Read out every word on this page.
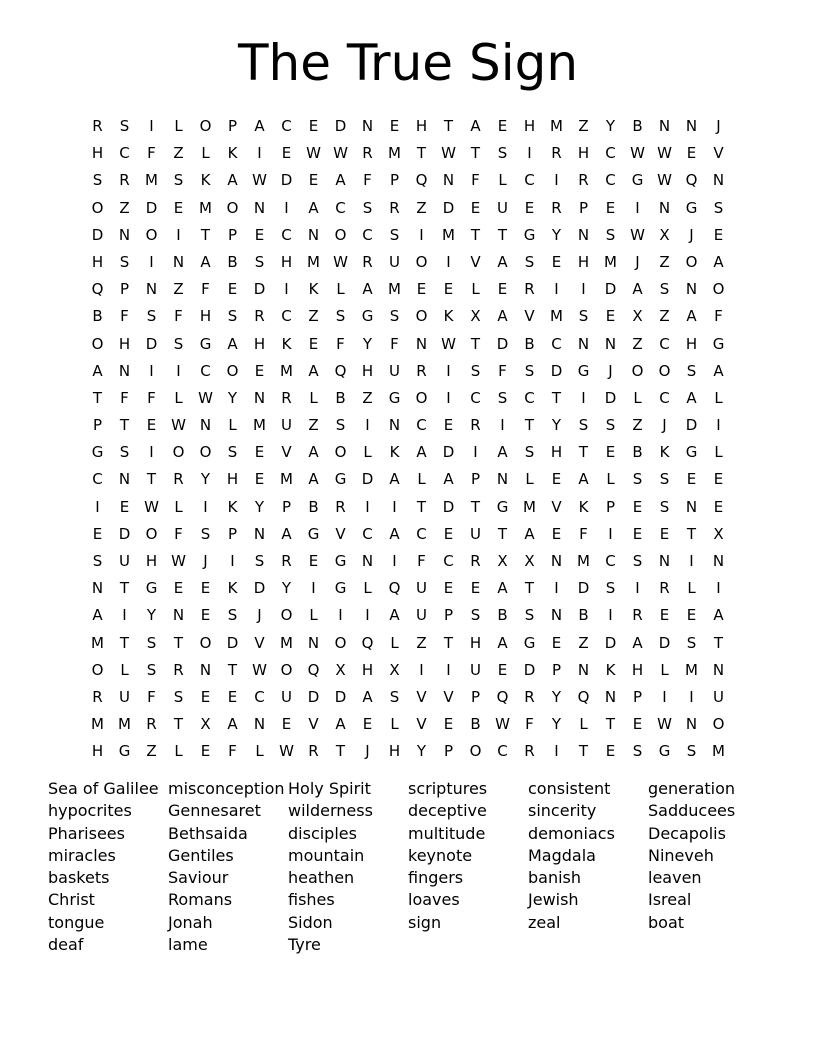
The True Sign
R	S	I	L	O	P	A	C	E	D	N	E	H	T	A	E	H M	Z	Y	B	N	N	J
H	C	F	Z	L	K	I	E W W R	M	T	W T	S	I	R	H	C W W E	V
S	R	M	S	K	A W D	E	A	F	P	Q	N	F	L	C	I	R	C	G W Q	N
O	Z	D	E	M O	N	I	A	C	S	R	Z	D	E	U	E	R	P	E	I	N	G	S
D	N	O	I	T	P	E	C	N	O	C	S	I	M	T	T	G	Y	N	S W X	J	E
H	S	I	N	A	B	S	H M W R	U	O	I	V	A	S	E	H M	J	Z	O	A
Q	P	N	Z	F	E	D	I	K	L	A	M	E	E	L	E	R	I	I	D	A	S	N	O
B	F	S	F	H	S	R	C	Z	S	G	S	O	K	X	A	V	M	S	E	X	Z	A	F
O	H	D	S	G	A	H	K	E	F	Y	F	N W T	D	B	C	N	N	Z	C	H	G
A	N	I	I	C	O	E	M	A	Q	H	U	R	I	S	F	S	D	G	J	O	O	S	A
T	F	F	L	W Y	N	R	L	B	Z	G	O	I	C	S	C	T	I	D	L	C	A	L
P	T	E W N	L	M	U	Z	S	I	N	C	E	R	I	T	Y	S	S	Z	J	D	I
G	S	I	O	O	S	E	V	A	O	L	K	A	D	I	A	S	H	T	E	B	K	G	L
C	N	T	R	Y	H	E	M	A	G	D	A	L	A	P	N	L	E	A	L	S	S	E	E
I	E W	L	I	K	Y	P	B	R	I	I	T	D	T	G M	V	K	P	E	S	N	E
E	D	O	F	S	P	N	A	G	V	C	A	C	E	U	T	A	E	F	I	E	E	T	X
S	U	H W	J	I	S	R	E	G	N	I	F	C	R	X	X	N M	C	S	N	I	N
N	T	G	E	E	K	D	Y	I	G	L	Q	U	E	E	A	T	I	D	S	I	R	L	I
A	I	Y	N	E	S	J	O	L	I	I	A	U	P	S	B	S	N	B	I	R	E	E	A
M	T	S	T	O	D	V	M N	O	Q	L	Z	T	H	A	G	E	Z	D	A	D	S	T
O	L	S	R	N	T	W O	Q	X	H	X	I	I	U	E	D	P	N	K	H	L	M N
R	U	F	S	E	E	C	U	D	D	A	S	V	V	P	Q	R	Y	Q	N	P	I	I	U
M M	R	T	X	A	N	E	V	A	E	L	V	E	B W	F	Y	L	T	E W N	O
H	G	Z	L	E	F	L	W R	T	J	H	Y	P	O	C	R	I	T	E	S	G	S	M
Sea of Galilee
hypocrites
Pharisees
miracles
baskets
Christ
tongue
deaf
misconception
Gennesaret
Bethsaida
Gentiles
Saviour
Romans
Jonah
lame
Holy Spirit
wilderness
disciples
mountain
heathen
fishes
Sidon
Tyre
scriptures
deceptive
multitude
keynote
fingers
loaves
sign
consistent
sincerity
demoniacs
Magdala
banish
Jewish
zeal
generation
Sadducees
Decapolis
Nineveh
leaven
Isreal
boat
